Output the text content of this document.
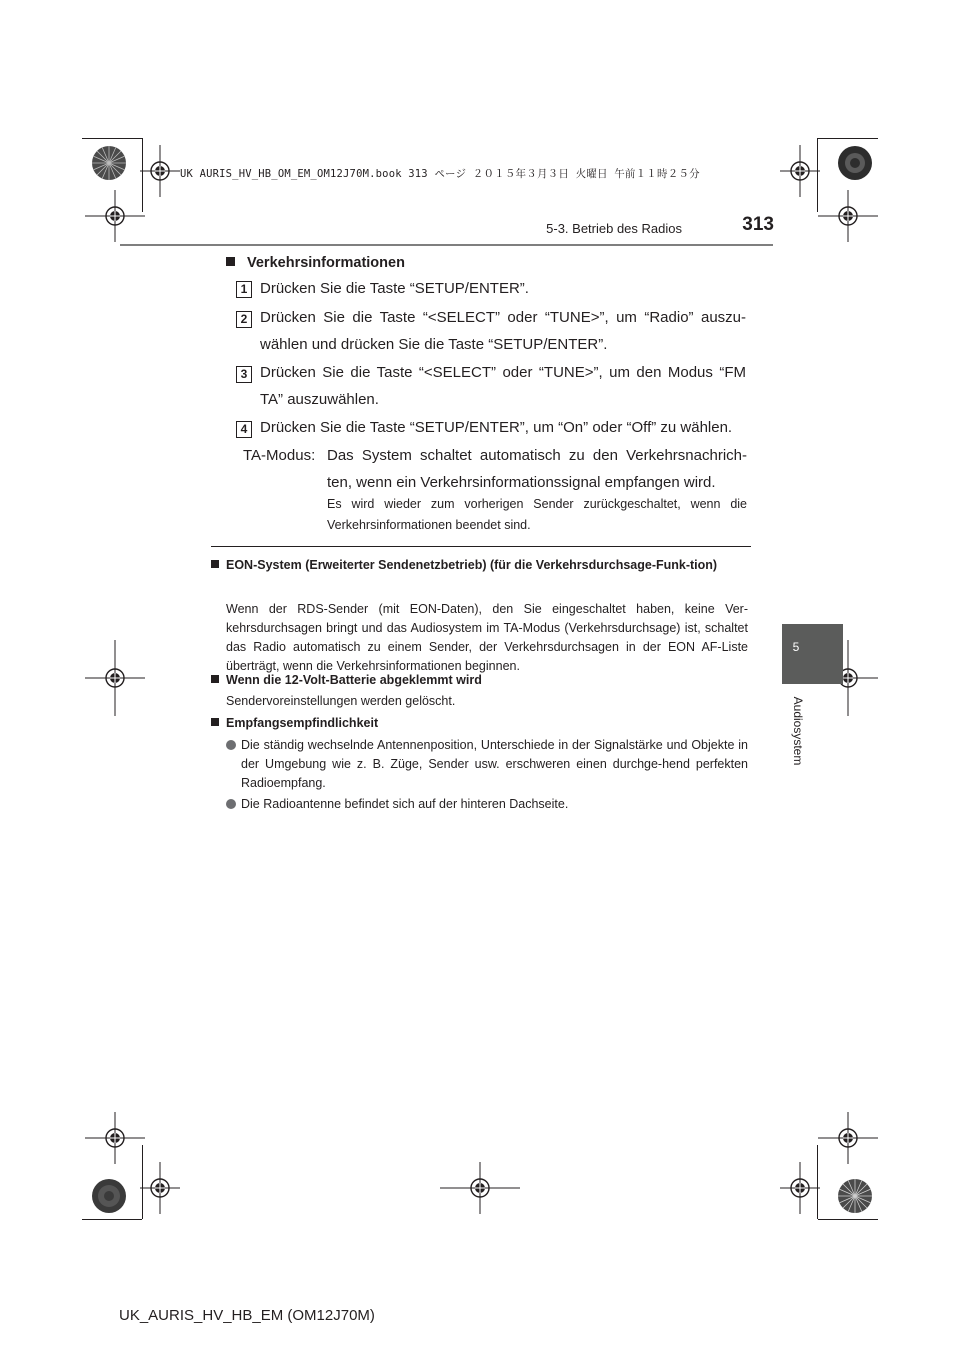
UK AURIS_HV_HB_OM_EM_OM12J70M.book 313 ページ ２０１５年３月３日 火曜日 午前１１時２５分
5-3. Betrieb des Radios	313
5
Audiosystem
Verkehrsinformationen
1 Drücken Sie die Taste “SETUP/ENTER”.
2 Drücken Sie die Taste “<SELECT” oder “TUNE>”, um “Radio” auszu-wählen und drücken Sie die Taste “SETUP/ENTER”.
3 Drücken Sie die Taste “<SELECT” oder “TUNE>”, um den Modus “FM TA” auszuwählen.
4 Drücken Sie die Taste “SETUP/ENTER”, um “On” oder “Off” zu wählen.
TA-Modus: Das System schaltet automatisch zu den Verkehrsnachrich-ten, wenn ein Verkehrsinformationssignal empfangen wird.
Es wird wieder zum vorherigen Sender zurückgeschaltet, wenn die Verkehrsinformationen beendet sind.
EON-System (Erweiterter Sendenetzbetrieb) (für die Verkehrsdurchsage-Funk-tion)
Wenn der RDS-Sender (mit EON-Daten), den Sie eingeschaltet haben, keine Ver-kehrsdurchsagen bringt und das Audiosystem im TA-Modus (Verkehrsdurchsage) ist, schaltet das Radio automatisch zu einem Sender, der Verkehrsdurchsagen in der EON AF-Liste überträgt, wenn die Verkehrsinformationen beginnen.
Wenn die 12-Volt-Batterie abgeklemmt wird
Sendervoreinstellungen werden gelöscht.
Empfangsempfindlichkeit
Die ständig wechselnde Antennenposition, Unterschiede in der Signalstärke und Objekte in der Umgebung wie z. B. Züge, Sender usw. erschweren einen durchge-hend perfekten Radioempfang.
Die Radioantenne befindet sich auf der hinteren Dachseite.
UK_AURIS_HV_HB_EM (OM12J70M)
